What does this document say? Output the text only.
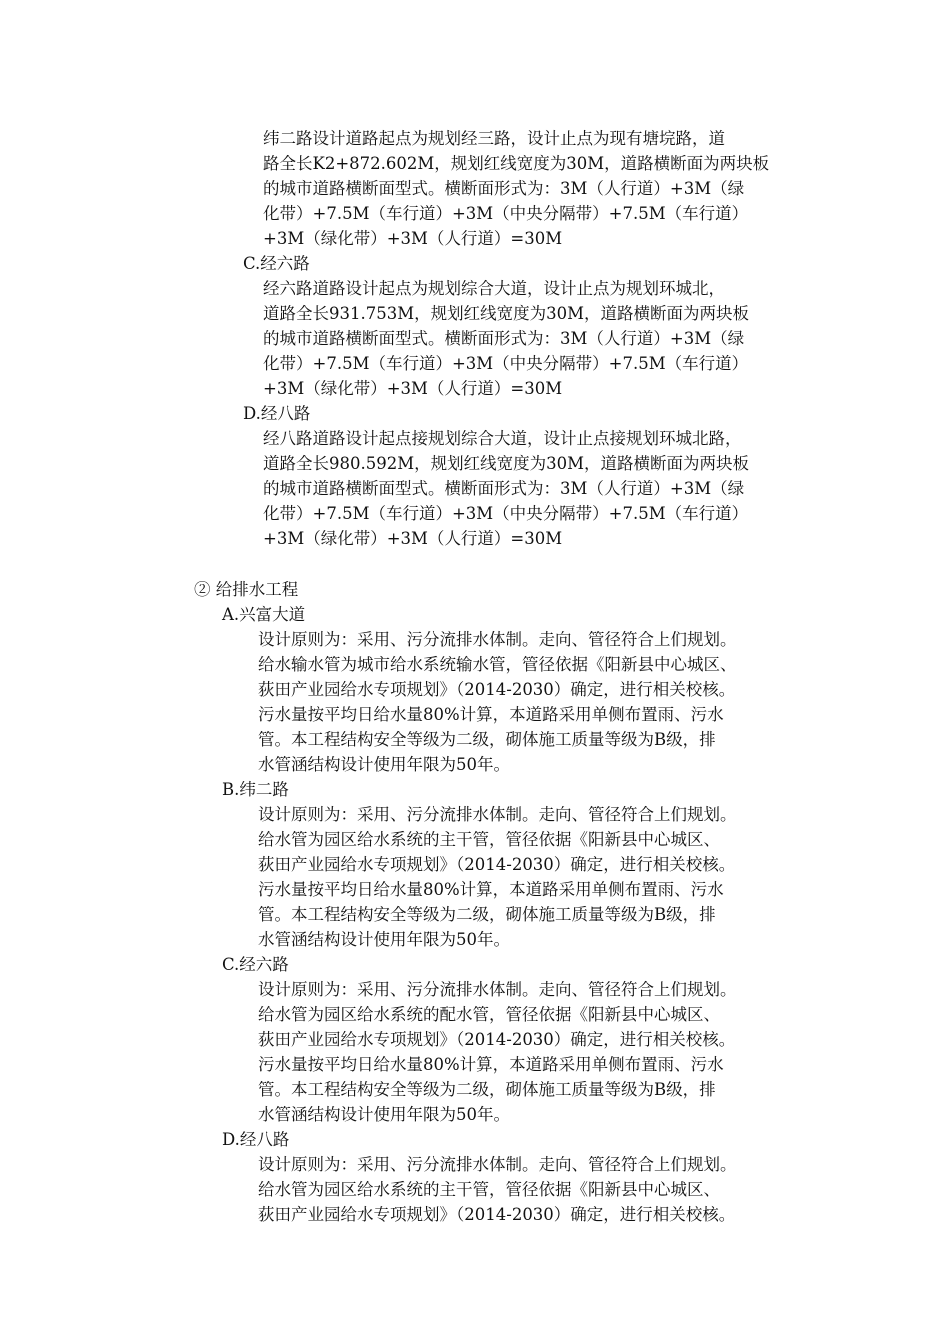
纬二路设计道路起点为规划经三路，设计止点为现有塘垸路，道
路全长K2+872.602M，规划红线宽度为30M，道路横断面为两块板
的城市道路横断面型式。横断面形式为：3M（人行道）+3M（绿
化带）+7.5M（车行道）+3M（中央分隔带）+7.5M（车行道）
+3M（绿化带）+3M（人行道）=30M
C.经六路
经六路道路设计起点为规划综合大道，设计止点为规划环城北，
道路全长931.753M，规划红线宽度为30M，道路横断面为两块板
的城市道路横断面型式。横断面形式为：3M（人行道）+3M（绿
化带）+7.5M（车行道）+3M（中央分隔带）+7.5M（车行道）
+3M（绿化带）+3M（人行道）=30M
D.经八路
经八路道路设计起点接规划综合大道，设计止点接规划环城北路，
道路全长980.592M，规划红线宽度为30M，道路横断面为两块板
的城市道路横断面型式。横断面形式为：3M（人行道）+3M（绿
化带）+7.5M（车行道）+3M（中央分隔带）+7.5M（车行道）
+3M（绿化带）+3M（人行道）=30M
② 给排水工程
A.兴富大道
设计原则为：采用、污分流排水体制。走向、管径符合上们规划。
给水输水管为城市给水系统输水管，管径依据《阳新县中心城区、
荻田产业园给水专项规划》（2014-2030）确定，进行相关校核。
污水量按平均日给水量80%计算，本道路采用单侧布置雨、污水
管。本工程结构安全等级为二级，砌体施工质量等级为B级，排
水管涵结构设计使用年限为50年。
B.纬二路
设计原则为：采用、污分流排水体制。走向、管径符合上们规划。
给水管为园区给水系统的主干管，管径依据《阳新县中心城区、
荻田产业园给水专项规划》（2014-2030）确定，进行相关校核。
污水量按平均日给水量80%计算，本道路采用单侧布置雨、污水
管。本工程结构安全等级为二级，砌体施工质量等级为B级，排
水管涵结构设计使用年限为50年。
C.经六路
设计原则为：采用、污分流排水体制。走向、管径符合上们规划。
给水管为园区给水系统的配水管，管径依据《阳新县中心城区、
荻田产业园给水专项规划》（2014-2030）确定，进行相关校核。
污水量按平均日给水量80%计算，本道路采用单侧布置雨、污水
管。本工程结构安全等级为二级，砌体施工质量等级为B级，排
水管涵结构设计使用年限为50年。
D.经八路
设计原则为：采用、污分流排水体制。走向、管径符合上们规划。
给水管为园区给水系统的主干管，管径依据《阳新县中心城区、
荻田产业园给水专项规划》（2014-2030）确定，进行相关校核。
